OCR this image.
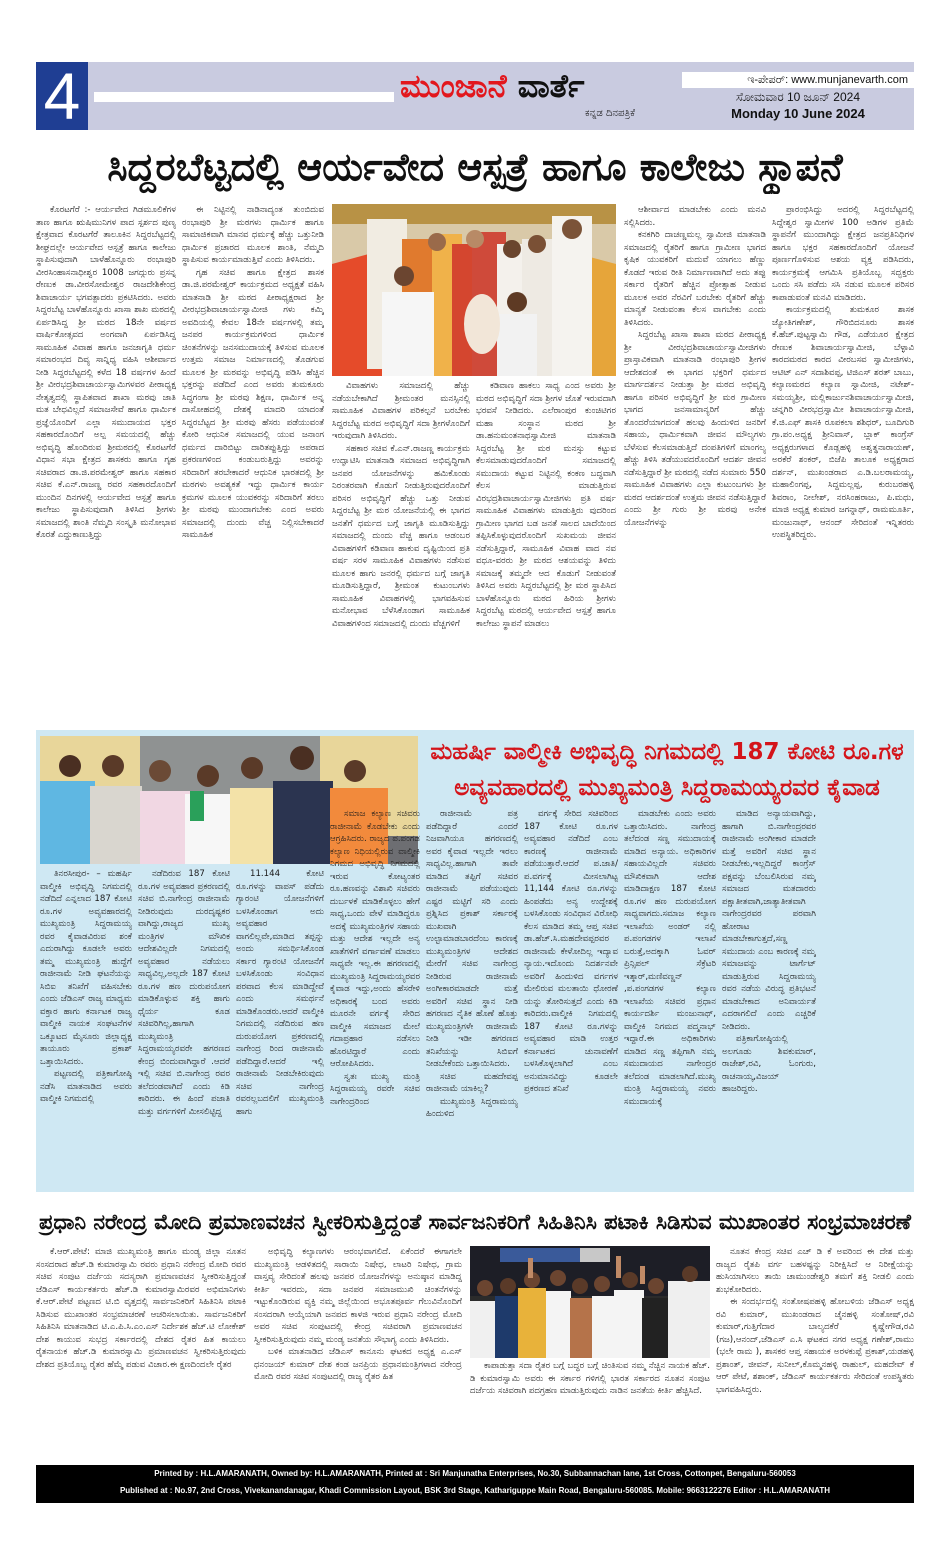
4	ಮುಂಜಾನೆ ವಾರ್ತೆ
ಕನ್ನಡ ದಿನಪತ್ರಿಕೆ
ಇ-ಪೇಪರ್: www.munjanevarth.com
ಸೋಮವಾರ 10 ಜೂನ್ 2024
Monday 10 June 2024
ಸಿದ್ದರಬೆಟ್ಟದಲ್ಲಿ ಆರ್ಯವೇದ ಆಸ್ಪತ್ರೆ ಹಾಗೂ ಕಾಲೇಜು ಸ್ಥಾಪನೆ

ಕೊರಟಗೆರೆ :- ಆರ್ಯವೇದ ಗಿಡಮೂಲಿಕೆಗಳ ತಾಣ ಹಾಗೂ ಋಷಿಮುನಿಗಳ ಪಾದ ಸ್ಪರ್ಶದ ಪುಣ್ಯ ಕ್ಷೇತ್ರವಾದ ಕೊರಟಗೆರೆ ತಾಲೂಕಿನ ಸಿದ್ದರಬೆಟ್ಟದಲ್ಲಿ ಶೀಘ್ರದಲ್ಲೇ ಆರ್ಯವೇದ ಆಸ್ಪತ್ರೆ ಹಾಗೂ ಕಾಲೇಜು ಸ್ಥಾಪಿಸುವುದಾಗಿ ಬಾಳೆಹೊನ್ನೂರು ರಂಭಾಪುರಿ ವೀರಸಿಂಹಾಸನಾಧೀಶ್ವರ 1008 ಜಗದ್ಗುರು ಪ್ರಸನ್ನ ರೇಣುಕ ಡಾ.ವೀರಸೋಮೇಶ್ವರ ರಾಜದೇಶಿಕೇಂದ್ರ ಶಿವಾಚಾರ್ಯ ಭಗವತ್ಪಾದರು ಪ್ರಕಟಿಸಿದರು. ಅವರು ಸಿದ್ದರಬೆಟ್ಟ ಬಾಳೆಹೊನ್ನೂರು ಖಾಸಾ ಶಾಖ ಮಠದಲ್ಲಿ ಏರ್ಪಡಿಸಿದ್ದ ಶ್ರೀ ಮಠದ 18ನೇ ವರ್ಷದ ವಾರ್ಷಿಕೋತ್ಸವದ ಅಂಗವಾಗಿ ಏರ್ಪಡಿಸಿದ್ದ ಸಾಮೂಹಿಕ ವಿವಾಹ ಹಾಗೂ ಜನಜಾಗೃತಿ ಧರ್ಮ ಸಮಾರಂಭದ ದಿವ್ಯ ಸಾನ್ನಿಧ್ಯ ವಹಿಸಿ ಆಶೀರ್ವಾದ ನೀಡಿ ಸಿದ್ದರಬೆಟ್ಟದಲ್ಲಿ ಕಳೆದ 18 ವರ್ಷಗಳ ಹಿಂದೆ ಶ್ರೀ ವೀರಭದ್ರಶಿವಾಚಾರ್ಯಸ್ವಾಮಿಗಳವರ ಪೀಠಾಧ್ಯಕ್ಷ ನೇತೃತ್ವದಲ್ಲಿ ಸ್ಥಾಪಿತವಾದ ಶಾಖಾ ಮಠವು ಜಾತಿ ಮತ ಬೇಧವಿಲ್ಲದೆ ಸಮಾಜಸೇವೆ ಹಾಗೂ ಧಾರ್ಮಿಕ ಪ್ರಜ್ಞೆಯೊಂದಿಗೆ ಎಲ್ಲಾ ಸಮುದಾಯದ ಭಕ್ತರ ಸಹಕಾರದೊಂದಿಗೆ ಅಲ್ಪ ಸಮಯದಲ್ಲಿ ಹೆಚ್ಚು ಅಭಿವೃದ್ಧಿ ಹೊಂದಿರುವ ಶ್ರೀಮಠದಲ್ಲಿ ಕೊರಟಗೆರೆ ವಿಧಾನ ಸಭಾ ಕ್ಷೇತ್ರದ ಶಾಸಕರು ಹಾಗೂ ಗೃಹ ಸಚಿವರಾದ ಡಾ.ಜಿ.ಪರಮೇಶ್ವರ್ ಹಾಗೂ ಸಹಕಾರ ಸಚಿವ ಕೆ.ಎನ್.ರಾಜಣ್ಣ ರವರ ಸಹಕಾರದೊಂದಿಗೆ ಮುಂದಿನ ದಿನಗಳಲ್ಲಿ ಆರ್ಯವೇದ ಆಸ್ಪತ್ರೆ ಹಾಗೂ ಕಾಲೇಜು ಸ್ಥಾಪಿಸುವುದಾಗಿ ತಿಳಿಸಿದ ಶ್ರೀಗಳು ಸಮಾಜದಲ್ಲಿ ಶಾಂತಿ ನೆಮ್ಮದಿ ಸಂಸ್ಕೃತಿ ಮನೋಭಾವ ಕೊರತೆ ಎದ್ದುಕಾಣುತ್ತಿದ್ದು

ಈ ನಿಟ್ಟಿನಲ್ಲಿ ನಾಡಿನಾದ್ಯಂತ ತುಂಬಿದುವ ರಂಭಾಪುರಿ ಶ್ರೀ ಮಠಗಳು ಧಾರ್ಮಿಕ ಹಾಗೂ ಸಾಮಾಜಿಕವಾಗಿ ಮಾನವ ಧರ್ಮಕ್ಕೆ ಹೆಚ್ಚು ಒತ್ತುನೀಡಿ ಧಾರ್ಮಿಕ ಪ್ರಚಾರದ ಮೂಲಕ ಶಾಂತಿ, ನೆಮ್ಮದಿ ಸ್ಥಾಪಿಸುವ ಕಾರ್ಯಮಾಡುತ್ತಿವೆ ಎಂದು ತಿಳಿಸಿದರು.

ಗೃಹ ಸಚಿವ ಹಾಗೂ ಕ್ಷೇತ್ರದ ಶಾಸಕ ಡಾ.ಜಿ.ಪರಮೇಶ್ವರ್ ಕಾರ್ಯಕ್ರಮದ ಅಧ್ಯಕ್ಷತೆ ವಹಿಸಿ ಮಾತನಾಡಿ ಶ್ರೀ ಮಠದ ಪೀಠಾಧ್ಯಕ್ಷರಾದ ಶ್ರೀ ವೀರಭದ್ರಶಿವಾಚಾರ್ಯಸ್ವಾಮೀಜಿ ಗಳು ಕಮ್ಮಿ ಅವದಿಯಲ್ಲಿ ಕೇವಲ 18ನೇ ವರ್ಷಗಳಲ್ಲಿ ತಮ್ಮ ಜನಪರ ಕಾರ್ಯಕ್ರಮಗಳಿಂದ ಧಾರ್ಮಿಕ ಚಿಂತನೆಗಳನ್ನು ಜನಸಮುದಾಯಕ್ಕೆ ತಿಳಿಸುವ ಮೂಲಕ ಉತ್ತಮ ಸಮಾಜ ನಿರ್ಮಾಣದಲ್ಲಿ ತೊಡಗುವ ಮೂಲಕ ಶ್ರೀ ಮಠವನ್ನು ಅಭಿವೃದ್ಧಿ ಪಡಿಸಿ ಹೆಚ್ಚಿನ ಭಕ್ತರನ್ನು ಪಡೆದಿದೆ ಎಂದ ಅವರು ತುಮಕೂರು ಸಿದ್ಧಗಂಗಾ ಶ್ರೀ ಮಠವು ಶಿಕ್ಷಣ, ಧಾರ್ಮಿಕ ಅನ್ನ ದಾಸೋಹದಲ್ಲಿ ದೇಶಕ್ಕೆ ಮಾದರಿ ಯಾದಂತೆ ಸಿದ್ದರಬೆಟ್ಟದ ಶ್ರೀ ಮಠವು ಹೆಸರು ಪಡೆಯುವಂತೆ ಕೋರಿ ಆಧುನಿಕ ಸಮಾಜದಲ್ಲಿ ಯುವ ಜನಾಂಗ ಧರ್ಮದ ದಾರಿಬಿಟ್ಟು ದಾರಿತಪ್ಪುತ್ತಿದ್ದು ಅಪರಾದ ಪ್ರಕರಣಗಳಿಂದ ಕಂಡುಬರುತ್ತಿದ್ದು ಅವರನ್ನು ಸರಿದಾರಿಗೆ ತರಬೇಕಾದರೆ ಆಧುನಿಕ ಭಾರತದಲ್ಲಿ ಶ್ರೀ ಮಠಗಳು ಅವಶ್ಯಕತೆ ಇದ್ದು ಧಾರ್ಮಿಕ ಕಾರ್ಯ ಕ್ರಮಗಳ ಮೂಲಕ ಯುವಕರನ್ನು ಸರಿದಾರಿಗೆ ತರಲು ಶ್ರೀ ಮಠವು ಮುಂದಾಗಬೇಕು ಎಂದ ಅವರು ಸಮಾಜದಲ್ಲಿ ದುಂದು ವೆಚ್ಚ ನಿಲ್ಲಿಸಬೇಕಾದರೆ ಸಾಮೂಹಿಕ

ವಿವಾಹಗಳು ಸಮಾಜದಲ್ಲಿ ಹೆಚ್ಚು ನಡೆಯಬೇಕಾಗಿದೆ ಶ್ರೀಮಂತರ ಮನಸ್ಸಿನಲ್ಲಿ ಸಾಮೂಹಿಕ ವಿವಾಹಗಳ ಪರಿಕಲ್ಪನೆ ಬರಬೇಕು ಸಿದ್ದರಬೆಟ್ಟ ಮಠದ ಅಭಿವೃದ್ಧಿಗೆ ಸದಾ ಶ್ರೀಗಳೊಂದಿಗೆ ಇರುವುದಾಗಿ ತಿಳಿಸಿದರು.

ಸಹಕಾರ ಸಚಿವ ಕೆ.ಎನ್.ರಾಜಣ್ಣ ಕಾರ್ಯಕ್ರಮ ಉದ್ಘಾಟಿಸಿ ಮಾತನಾಡಿ ಸಮಾಜದ ಅಭಿವೃದ್ಧಿಗಾಗಿ ಜನಪರ ಯೋಜನೆಗಳನ್ನು ಹಮಿಕೊಂಡು ನಿರಂತರವಾಗಿ ಕೊಡುಗೆ ನೀಡುತ್ತಿರುವುದರೊಂದಿಗೆ ಪರಿಸರ ಅಭಿವೃದ್ಧಿಗೆ ಹೆಚ್ಚು ಒತ್ತು ನೀಡುವ ಸಿದ್ದರಬೆಟ್ಟ ಶ್ರೀ ಮಠ ಯೋಜನೆಯಲ್ಲಿ ಈ ಭಾಗದ ಜನತೆಗೆ ಧರ್ಮದ ಬಗ್ಗೆ ಜಾಗೃತಿ ಮೂಡಿಸುತ್ತಿದ್ದು ಸಮಾಜದಲ್ಲಿ ದುಂದು ವೆಚ್ಚ ಹಾಗೂ ಆಡಂಬರ ವಿವಾಹಗಳಿಗೆ ಕಡಿವಾಣ ಹಾಕುವ ದೃಷ್ಟಿಯಿಂದ ಪ್ರತಿ ವರ್ಷ ಸರಳ ಸಾಮೂಹಿಕ ವಿವಾಹಗಳು ನಡೆಸುವ ಮೂಲಕ ಹಾಗು ಜನರಲ್ಲಿ ಧರ್ಮದ ಬಗ್ಗೆ ಜಾಗೃತಿ ಮೂಡಿಸುತ್ತಿದ್ದಾರೆ, ಶ್ರೀಮಂತ ಕುಟುಂಬಗಳು ಸಾಮೂಹಿಕ ವಿವಾಹಗಳಲ್ಲಿ ಭಾಗವಹಿಸುವ ಮನೋಭಾವ ಬೆಳೆಸಿಕೊಂಡಾಗ ಸಾಮೂಹಿಕ ವಿವಾಹಗಳಿಂದ ಸಮಾಜದಲ್ಲಿ ದುಂದು ವೆಚ್ಚಗಳಿಗೆ

ಕಡಿವಾಣ ಹಾಕಲು ಸಾಧ್ಯ ಎಂದ ಅವರು ಶ್ರೀ ಮಠದ ಅಭಿವೃದ್ಧಿಗೆ ಸದಾ ಶ್ರೀಗಳ ಜೊತೆ ಇರುವದಾಗಿ ಭರವಸೆ ನೀಡಿದರು. ಎಲೆರಾಂಪುರ ಕುಂಚಿಟಿಗರ ಮಹಾ ಸಂಸ್ಥಾನ ಮಠದ ಶ್ರೀ ಡಾ.ಹನುಮಂತನಾಥಸ್ವಾಮೀಜಿ ಮಾತನಾಡಿ ಸಿದ್ದರಬೆಟ್ಟ ಶ್ರೀ ಮಠ ಮನಸ್ಸು ಕಟ್ಟುವ ಕೆಲಸಮಾಡುವುದರೊಂದಿಗೆ ಸಮಾಜದಲ್ಲಿ ಸಮುದಾಯ ಕಟ್ಟುವ ನಿಟ್ಟಿನಲ್ಲಿ ಕಂಕಣ ಬದ್ಧವಾಗಿ ಕೆಲಸ ಮಾಡುತ್ತಿರುವ ವಿರಭದ್ರಶಿವಾಚಾರ್ಯಸ್ವಾಮೀಜಿಗಳು ಪ್ರತಿ ವರ್ಷ ಸಾಮೂಹಿಕ ವಿವಾಹಗಳು ಮಾಡುತ್ತಿರು ವುದರಿಂದ ಗ್ರಾಮೀಣ ಭಾಗದ ಬಡ ಜನತೆ ಸಾಲದ ಬಾದೆಯಿಂದ ತಪ್ಪಿಸಿಕೊಳ್ಳುವುದರೊಂದಿಗೆ ಸುಖಮಯ ಜೀವನ ನಡೆಸುತ್ತಿದ್ದಾರೆ, ಸಾಮೂಹಿಕ ವಿವಾಹ ವಾದ ನವ ವಧೂ-ವರರು ಶ್ರೀ ಮಠದ ಆಶಯವನ್ನು ತಿಳಿದು ಸಮಾಜಕ್ಕೆ ತಮ್ಮದೇ ಆದ ಕೊಡುಗೆ ನೀಡುವಂತೆ ತಿಳಿಸಿದ ಅವರು ಸಿದ್ದರಬೆಟ್ಟದಲ್ಲಿ ಶ್ರೀ ಮಠ ಸ್ಥಾಪಿಸಿದ ಬಾಳೆಹೊನ್ನೂರು ಮಠದ ಹಿರಿಯ ಶ್ರೀಗಳು ಸಿದ್ದರಬೆಟ್ಟ ಮಠದಲ್ಲಿ ಆರ್ಯವೇದ ಆಸ್ಪತ್ರೆ ಹಾಗೂ ಕಾಲೇಜು ಸ್ಥಾಪನೆ ಮಾಡಲು

ಆಶೀರ್ವಾದ ಮಾಡಬೇಕು ಎಂದು ಮನವಿ ಸಲ್ಲಿಸಿದರು.

ಕನಕಗಿರಿ ದಾಚಣ್ಣಮಲ್ಲ ಸ್ವಾಮೀಜಿ ಮಾತನಾಡಿ ಸಮಾಜದಲ್ಲಿ ರೈತರಿಗೆ ಹಾಗೂ ಗ್ರಾಮೀಣ ಭಾಗದ ಕೃಷಿಕ ಯುವಕರಿಗೆ ಮದುವೆ ಯಾಗಲು ಹೆಣ್ಣು ಕೊಡದೆ ಇರುವ ರೀತಿ ನಿರ್ಮಾಣವಾಗಿದೆ ಅದು ತಪ್ಪು ಸರ್ಕಾರ ರೈತರಿಗೆ ಹೆಚ್ಚಿನ ಪ್ರೋತ್ಸಾಹ ನೀಡುವ ಮೂಲಕ ಅವರ ನೆರವಿಗೆ ಬರಬೇಕು ರೈತರಿಗೆ ಹೆಚ್ಚು ಮಾನ್ಯತೆ ನೀಡುವಂತಾ ಕೆಲಸ ವಾಗಬೇಕು ಎಂದು ತಿಳಿಸಿದರು.

ಸಿದ್ದರಬೆಟ್ಟ ಖಾಸಾ ಶಾಖಾ ಮಠದ ಪೀಠಾಧ್ಯಕ್ಷ ಶ್ರೀ ವೀರಭದ್ರಶಿವಾಚಾರ್ಯಸ್ವಾಮೀಜಿಗಳು ಪ್ರಾಸ್ತಾವಿಕವಾಗಿ ಮಾತನಾಡಿ ರಂಭಾಪುರಿ ಶ್ರೀಗಳ ಆದೇಶದಂತೆ ಈ ಭಾಗದ ಭಕ್ತರಿಗೆ ಧರ್ಮದ ಮಾರ್ಗದರ್ಶನ ನೀಡುತ್ತಾ ಶ್ರೀ ಮಠದ ಅಭಿವೃದ್ಧಿ ಹಾಗೂ ಪರಿಸರ ಅಭಿವೃದ್ಧಿಗೆ ಶ್ರೀ ಮಠ ಗ್ರಾಮೀಣ ಭಾಗದ ಜನಸಾಮಾನ್ಯರಿಗೆ ಹೆಚ್ಚು ತೊಂದರೆಯಾಗದಂತೆ ಹಲವು ಹಿಂದುಳಿದ ಜನರಿಗೆ ಸಹಾಯ, ಧಾರ್ಮಿಕವಾಗಿ ಜೀವನ ಮೌಲ್ಯಗಳು ಬೆಳೆಸುವ ಕೆಲಸಮಾಡುತ್ತಿದೆ ದಂಪತಿಗಳಿಗೆ ಮಾಂಗಲ್ಯ ಹೆಚ್ಚು ತಿಳಿಸಿ ತಡೆಯುವದರೊಂದಿಗೆ ಆದರ್ಶ ಜೀವನ ನಡೆಸುತ್ತಿದ್ದಾರೆ ಶ್ರೀ ಮಠದಲ್ಲಿ ನಡೆದ ಸುಮಾರು 550 ಸಾಮೂಹಿಕ ವಿವಾಹಗಳು ಎಲ್ಲಾ ಕುಟುಂಬಗಳು ಶ್ರೀ ಮಠದ ಆದರ್ಶದಂತೆ ಉತ್ತಮ ಜೀವನ ನಡೆಸುತ್ತಿದ್ದಾರೆ ಎಂದು ಶ್ರೀ ಗುರು ಶ್ರೀ ಮಠವು ಅನೇಕ ಯೋಜನೆಗಳನ್ನು

ಪ್ರಾರಂಭಿಸಿದ್ದು ಅದರಲ್ಲಿ ಸಿದ್ದರಬೆಟ್ಟದಲ್ಲಿ ಸಿದ್ದೇಶ್ವರ ಸ್ವಾಮೀಗಳ 100 ಅಡಿಗಳ ಪ್ರತಿಮೆ ಸ್ಥಾಪನೆಗೆ ಮುಂದಾಗಿದ್ದು ಕ್ಷೇತ್ರದ ಜನಪ್ರತಿನಿಧಿಗಳ ಹಾಗೂ ಭಕ್ತರ ಸಹಕಾರದೊಂದಿಗೆ ಯೋಜನೆ ಪೂರ್ಣಗೊಳಿಸುವ ಆಶಯ ವ್ಯಕ್ತ ಪಡಿಸಿದರು, ಕಾರ್ಯಕ್ರಮಕ್ಕೆ ಆಗಮಿಸಿ ಪ್ರತಿಯೊಬ್ಬ ಸದ್ಭಕ್ತರು ಒಂದು ಸಸಿ ಪಡೆದು ಸಸಿ ನಡುವ ಮೂಲಕ ಪರಿಸರ ಕಾಪಾಡುವಂತೆ ಮನವಿ ಮಾಡಿದರು.

ಕಾರ್ಯಕ್ರಮದಲ್ಲಿ ತುಮಕೂರ ಶಾಸಕ ಜ್ಯೋತಿಗಣೇಶ್, ಗೌರಿಬಿದನೂರು ಶಾಸಕ ಕೆ.ಹೆಚ್.ಪುಟ್ಟಸ್ವಾಮಿ ಗೌಡ, ಎಡೆಯೂರ ಕ್ಷೇತ್ರದ ರೇಣುಕ ಶಿವಾಚಾರ್ಯಸ್ವಾಮೀಜಿ, ಬೆಳ್ಳಾವಿ ಕಾರದಮಠದ ಕಾರದ ವೀರಬಸವ ಸ್ವಾಮೀಜಿಗಳು, ಆಟಿಟ್ ಎನ್ ಸದಾಶಿವಪ್ಪ, ಟಿಜಿಎಸ್ ಶರತ್ ಬಾಬು, ಕಲ್ಯಾಣಮಠದ ಕಲ್ಯಾಣ ಸ್ವಾಮೀಜಿ, ನಟೇಶ್-ಸಮಯ್ಯಶ್ರೀ, ಮಲ್ಲಿಕಾರ್ಜುನಶಿವಾಚಾರ್ಯಸ್ವಾಮೀಜಿ, ಚನ್ನಗಿರಿ ವೀರಭದ್ರಸ್ವಾಮೀ ಶಿವಾಚಾರ್ಯಸ್ವಾಮೀಜಿ, ಕೆ.ಜಿ.ಎಫ್ ಶಾಸಕಿ ರೂಪಕಲಾ ಶಶಿಧರ್, ಬೂದಿಗುರಿ ಗ್ರಾ.ಪಂ.ಅಧ್ಯಕ್ಷ ಶ್ರೀನಿವಾಸ್, ಬ್ಲಾಕ್ ಕಾಂಗ್ರೆಸ್ ಅಧ್ಯಕ್ಷರುಗಳಾದ ಕೊಡ್ಲಹಳ್ಳಿ ಅಶ್ವತ್ಥನಾರಾಯಣ್, ಅರಕೆರೆ ಶಂಕರ್, ಬಿಜೆಪಿ ತಾಲೂಕ ಅಧ್ಯಕ್ಷರಾದ ದರ್ಶನ್, ಮುಖಂಡರಾದ ಎ.ಡಿ.ಬಲರಾಮಯ್ಯ, ಮಹಾಲಿಂಗಪ್ಪ, ಸಿದ್ದಮಲ್ಲಪ್ಪ, ಕುರುಬರಹಳ್ಳಿ ಶಿವರಾಂ, ನೀಲೇಶ್, ನರಸಿಂಹರಾಜು, ಪಿ.ಮಧು, ಮಾಜಿ ಅಧ್ಯಕ್ಷ ಕುಮಾರ ಜಗನ್ನಾಥ್, ರಾಮಮೂರ್ತಿ, ಮಂಜುನಾಥ್, ಆನಂದ್ ಸೇರಿದಂತೆ ಇನ್ನಿತರರು ಉಪಸ್ಥಿತರಿದ್ದರು.

ಮಹರ್ಷಿ ವಾಲ್ಮೀಕಿ ಅಭಿವೃದ್ಧಿ ನಿಗಮದಲ್ಲಿ 187 ಕೋಟಿ ರೂ.ಗಳ
ಅವ್ಯವಹಾರದಲ್ಲಿ ಮುಖ್ಯಮಂತ್ರಿ ಸಿದ್ದರಾಮಯ್ಯರವರ ಕೈವಾಡ

ತಿನರಸೀಪುರ- – ಮಹರ್ಷಿ ವಾಲ್ಮೀಕಿ ಅಭಿವೃದ್ಧಿ ನಿಗಮದಲ್ಲಿ ನಡೆದಿದೆ ಎನ್ನಲಾದ 187 ಕೋಟಿ ರೂ.ಗಳ ಅವ್ಯವಹಾರದಲ್ಲಿ ಮುಖ್ಯಮಂತ್ರಿ ಸಿದ್ದರಾಮಯ್ಯ ರವರ ಕೈವಾಡವಿರುವ ಶಂಕೆ ಎದುರಾಗಿದ್ದು ಕೂಡಲೇ ಅವರು ತಮ್ಮ ಮುಖ್ಯಮಂತ್ರಿ ಹುದ್ದೆಗೆ ರಾಜೀನಾಮೆ ನೀಡಿ ಘಟನೆಯನ್ನು ಸಿಬಿಐ ತನಿಖೆಗೆ ವಹಿಸಬೇಕು ಎಂದು ಜೆಡಿಎಸ್ ರಾಜ್ಯ ಮಾಧ್ಯಮ ವಕ್ತಾರ ಹಾಗು ಕರ್ನಾಟಕ ರಾಜ್ಯ ವಾಲ್ಮೀಕಿ ನಾಯಕ ಸಂಘಟನೆಗಳ ಒಕ್ಕೂಟದ ಮೈಸೂರು ಜಿಲ್ಲಾಧ್ಯಕ್ಷ ತಾಯೂರು ಪ್ರಕಾಶ್ ಒತ್ತಾಯಿಸಿದರು.

ಪಟ್ಟಣದಲ್ಲಿ ಪತ್ರಿಕಾಗೋಷ್ಠಿ ನಡೆಸಿ ಮಾತನಾಡಿದ ಅವರು ವಾಲ್ಮೀಕಿ ನಿಗಮದಲ್ಲಿ

ನಡೆದಿರುವ 187 ಕೋಟಿ ರೂ.ಗಳ ಅವ್ಯವಹಾರ ಪ್ರಕರಣದಲ್ಲಿ ಸಚಿವ ಬಿ.ನಾಗೇಂದ್ರ ರಾಜೀನಾಮೆ ನೀಡಿರುವುದು ದುರದೃಷ್ಟಕರ ವಾಗಿದ್ದು,ರಾಜ್ಯದ ಮುಖ್ಯ ಮಂತ್ರಿಗಳ ಮೌಖಿಕ ಆದೇಶವಿಲ್ಲದೇ ನಿಗಮದಲ್ಲಿ ಅವ್ಯವಹಾರ ನಡೆಯಲು ಸಾಧ್ಯವಿಲ್ಲ,ಅಲ್ಲದೇ 187 ಕೋಟಿ ರೂ.ಗಳ ಹಣ ದುರುಪಯೋಗ ಮಾಡಿಕೊಳ್ಳುವ ಶಕ್ತಿ ಹಾಗು ಧೈರ್ಯ ಕೂಡ ಸಚಿವರಿಗಿಲ್ಲ,ಹಾಗಾಗಿ ಮುಖ್ಯಮಂತ್ರಿ ಸಿದ್ದರಾಮಯ್ಯರವರೇ ಹಗರಣದ ಕೇಂದ್ರ ಬಿಂದುವಾಗಿದ್ದಾರೆ .ಆದರೆ ಇಲ್ಲಿ ಸಚಿವ ಬಿ.ನಾಗೇಂದ್ರ ರವರ ತಲೆದಂಡವಾಗಿದೆ ಎಂದು ಕಿಡಿ ಕಾರಿದರು. ಈ ಹಿಂದೆ ಪಜಾತಿ ಮತ್ತು ವರ್ಗಗಳಿಗೆ ಮೀಸಲಿಟ್ಟಿದ್ದ

11.144 ಕೋಟಿ ರೂ.ಗಳನ್ನು ವಾಪಸ್ ಪಡೆದು ಗ್ಯಾರಂಟಿ ಯೋಜನೆಗಳಿಗೆ ಬಳಸಿಕೊಂಡಾಗ ಅದು ಅವ್ಯವಹಾರ ವಾಗಲಿಲ್ಲವೇ,ಮಾಡಿದ ತಪ್ಪನ್ನು ಅಂದು ಸಮರ್ಥಿಸಿಕೊಂಡ ಸರ್ಕಾರ ಗ್ಯಾರಂಟಿ ಯೋಜನೆಗೆ ಬಳಸಿಕೊಂಡು ಸಂವಿಧಾನ ಪರವಾದ ಕೆಲಸ ಮಾಡಿದ್ದೇವೆ ಎಂದು ಸಮರ್ಥನೆ ಮಾಡಿಕೊಂಡರು.ಆದರೆ ವಾಲ್ಮೀಕಿ ನಿಗಮದಲ್ಲಿ ನಡೆದಿರುವ ಹಣ ದುರುಪಯೋಗ ಪ್ರಕರಣದಲ್ಲಿ ನಾಗೇಂದ್ರ ರಿಂದ ರಾಜೀನಾಮೆ ಪಡೆದಿದ್ದಾರೆ.ಆದರೆ ಇಲ್ಲಿ ರಾಜೀನಾಮೆ ನೀಡಬೇಕಿರುವುದು ಸಚಿವ ನಾಗೇಂದ್ರ ರವರಲ್ಲಬದಲಿಗೆ ಮುಖ್ಯಮಂತ್ರಿ ಹಾಗು

ಸಮಾಜ ಕಲ್ಯಾಣ ಸಚಿವರು ರಾಜೀನಾಮೆ ಕೊಡಬೇಕು ಎಂದು ಆಗ್ರಹಿಸಿದರು. ರಾಜ್ಯದ ಪ.ಪಂಗಡ ಕಲ್ಯಾಣ ನಿಧಿಯಲ್ಲಿರುವ ವಾಲ್ಮೀಕಿ ನಿಗಮದ ಅಭಿವೃದ್ಧಿ ನಿಗಮದಲ್ಲಿ ಇರುವ ಕೋಟ್ಯಂತರ ರೂ.ಹಣವನ್ನು ವಿಶಾಖಿ ಸಚಿವರು ದುರ್ಬಳಕೆ ಮಾಡಿಕೊಳ್ಳಲು ಹೇಗೆ ಸಾಧ್ಯ,ಒಂದು ವೇಳೆ ಮಾಡಿದ್ದರೂ ಅದಕ್ಕೆ ಮುಖ್ಯಮಂತ್ರಿಗಳ ಸಹಾಯ ಮತ್ತು ಆದೇಶ ಇಲ್ಲದೇ ಅನ್ಯ ಖಾತೆಗಳಿಗೆ ವರ್ಗಾವಣೆ ಮಾಡಲು ಸಾಧ್ಯವೇ ಇಲ್ಲ.ಈ ಹಗರಣದಲ್ಲಿ ಮುಖ್ಯಮಂತ್ರಿ ಸಿದ್ದರಾಮಯ್ಯರವರ ಕೈವಾಡ ಇದ್ದು,ಅಂದು ಹೆಸರೇಳಿ ಅಧಿಕಾರಕ್ಕೆ ಬಂದ ಅವರು ಮೂರನೇ ವರ್ಗಕ್ಕೆ ಸೇರಿದ ವಾಲ್ಮೀಕಿ ಸಮಾಜದ ಮೇಲೆ ಗದಾಪ್ರಹಾರ ನಡೆಸಲು ಹೊರಟಿದ್ದಾರೆ ಎಂದು ಆರೋಪಿಸಿದರು.

ಸ್ವತಃ ಮುಖ್ಯ ಮಂತ್ರಿ ಸಿದ್ದರಾಮಯ್ಯ ರವರೇ ಸಚಿವ ನಾಗೇಂದ್ರರಿಂದ

ರಾಜೀನಾಮೆ ಪತ್ರ ಪಡೆದಿದ್ದಾರೆ ಎಂದರೆ ನಿಜವಾಗಿಯೂ ಹಗರಣದಲ್ಲಿ ಅವರ ಕೈವಾಡ ಇಲ್ಲದೇ ಇರಲು ಸಾಧ್ಯವಿಲ್ಲ.ಹಾಗಾಗಿ ತಾವೇ ಮಾಡಿದ ತಪ್ಪಿಗೆ ಸಚಿವರ ರಾಜೀನಾಮೆ ಪಡೆಯುವುದು ಎಷ್ಟರ ಮಟ್ಟಿಗೆ ಸರಿ ಎಂದು ಪ್ರಶ್ನಿಸಿದ ಪ್ರಕಾಶ್ ಸರ್ಕಾರಕ್ಕೆ ಮುಖವಾಗಿ ಉಲ್ಟಾಮಾಡಬಾರದೆಂಬ ಕಾರಣಕ್ಕೆ ಮುಖ್ಯಮಂತ್ರಿಗಳ ಆದೇಶದ ಮೇರೆಗೆ ಸಚಿವ ನಾಗೇಂದ್ರ ನೀಡಿರುವ ರಾಜೀನಾಮೆ ಅಂಗೀಕಾರಮಾಡದೇ ಮತ್ತೆ ಅವರಿಗೆ ಸಚಿವ ಸ್ಥಾನ ನೀಡಿ ಹಗರಣದ ನೈತಿಕ ಹೊಣೆ ಹೊತ್ತು ಮುಖ್ಯಮಂತ್ರಿಗಳೇ ರಾಜೀನಾಮೆ ನೀಡಿ ಇಡೀ ಹಗರಣದ ತನಿಖೆಯನ್ನು ಸಿಬಿಐಗೆ ನೀಡಬೇಕೆಂದು ಒತ್ತಾಯಿಸಿದರು.

ಸಚಿವ ಮಹದೇವಪ್ಪ ರಾಜೀನಾಮೆ ಯಾಕಿಲ್ಲ?

ಮುಖ್ಯಮಂತ್ರಿ ಸಿದ್ದರಾಮಯ್ಯ ಹಿಂದುಳಿದ

ವರ್ಗಕ್ಕೆ ಸೇರಿದ ಸಚಿವರಿಂದ 187 ಕೋಟಿ ರೂ.ಗಳ ಅವ್ಯವಹಾರ ನಡೆದಿದೆ ಎಂಬ ಕಾರಣಕ್ಕೆ ರಾಜೀನಾಮೆ ಪಡೆಯುತ್ತಾರೆ.ಆದರೆ ಪ.ಜಾತಿ/ಪ.ವರ್ಗಕ್ಕೆ ಮೀಸಲಾಗಿಟ್ಟ 11,144 ಕೋಟಿ ರೂ.ಗಳನ್ನು ಹಿಂಪಡೆದು ಅನ್ಯ ಉದ್ದೇಶಕ್ಕೆ ಬಳಸಿಕೊಂಡು ಸಂವಿಧಾನ ವಿರೋಧಿ ಕೆಲಸ ಮಾಡಿದ ತಮ್ಮ ಆಪ್ತ ಸಚಿವ ಡಾ.ಹೆಚ್.ಸಿ.ಮಹದೇವಪ್ಪರವರ ರಾಜೀನಾಮೆ ಕೇಳೋದಿಲ್ಲ ಇದ್ಯಾವ ನ್ಯಾಯ.ಇದೊಂದು ನಿದರ್ಶನವೇ ಅವರಿಗೆ ಹಿಂದುಳಿದ ವರ್ಗಗಳ ಮೇಲಿರುವ ಮಲತಾಯಿ ಧೋರಣೆ ಯನ್ನು ತೋರಿಸುತ್ತದೆ ಎಂದು ಕಿಡಿ ಕಾರಿದರು.ವಾಲ್ಮೀಕಿ ನಿಗಮದಲ್ಲಿ 187 ಕೋಟಿ ರೂ.ಗಳನ್ನು ಅವ್ಯವಹಾರ ಮಾಡಿ ಉತ್ತರ ಕರ್ನಾಟಕದ ಚುನಾವಣೆಗೆ ಬಳಸಿಕೊಳ್ಳಲಾಗಿದೆ ಎಂಬ ಅನುಮಾನವಿದ್ದು ಕೂಡಲೇ ಪ್ರಕರಣದ ತನಿಖೆ

ಮಾಡಬೇಕು ಎಂದು ಅವರು ಒತ್ತಾಯಿಸಿದರು. ನಾಗೇಂದ್ರ ತಲೆದಂಡ ಸಣ್ಣ ಸಮುದಾಯಕ್ಕೆ ಮಾಡಿದ ಅನ್ಯಾಯ. ಅಧಿಕಾರಿಗಳ ಸಹಾಯವಿಲ್ಲದೇ ಸಚಿವರು ಮೌಖಿಕವಾಗಿ ಆದೇಶ ಮಾಡಿದಾಕ್ಷಣ 187 ಕೋಟಿ ರೂ.ಗಳ ಹಣ ದುರುಪಯೋಗ ಸಾಧ್ಯವಾಗದು.ಸಮಾಜ ಕಲ್ಯಾಣ ಇಲಾಖೆಯ ಅಂಡರ್ ನಲ್ಲಿ ಪ.ಪಂಗಡಗಳ ಇಲಾಖೆ ಬರುತ್ತೆ,ಅದಕ್ಕಾಗಿ ಓವರ್ ಪ್ರಿನ್ಸಿಪಲ್ ಸೆಕ್ರೆಟರಿ ಇತ್ಕಾರ್,ಮಣಿವಣ್ಣನ್ ,ಪ.ಪಂಗಡಗಳ ಕಲ್ಯಾಣ ಇಲಾಖೆಯ ಸಚಿವರ ಪ್ರಧಾನ ಕಾರ್ಯದರ್ಶಿ ಮಂಜುನಾಥ್, ವಾಲ್ಮೀಕಿ ನಿಗಮದ ಪದ್ಮನಾಭ್ ಇದ್ದಾರೆ.ಈ ಅಧಿಕಾರಿಗಳು ಮಾಡಿದ ಸಣ್ಣ ತಪ್ಪಿಗಾಗಿ ನಮ್ಮ ಸಮುದಾಯದ ನಾಗೇಂದ್ರರ ತಲೆದಂಡ ಮಾಡಲಾಗಿದೆ.ಮುಖ್ಯ ಮಂತ್ರಿ ಸಿದ್ದರಾಮಯ್ಯ ನವರು ಸಮುದಾಯಕ್ಕೆ

ಮಾಡಿದ ಅನ್ಯಾಯವಾಗಿದ್ದು, ಹಾಗಾಗಿ ಬಿ.ನಾಗೇಂದ್ರರವರ ರಾಜೀನಾಮೆ ಅಂಗೀಕಾರ ಮಾಡದೇ ಮತ್ತೆ ಅವರಿಗೆ ಸಚಿವ ಸ್ಥಾನ ನೀಡಬೇಕು,ಇಲ್ಲದಿದ್ದರೆ ಕಾಂಗ್ರೆಸ್ ಪಕ್ಷವನ್ನು ಬೆಂಬಲಿಸಿರುವ ನಮ್ಮ ಸಮಾಜದ ಮತದಾರರು ಪಕ್ಷಾತೀತವಾಗಿ,ಜಾತ್ಯಾತೀತವಾಗಿ ನಾಗೇಂದ್ರರವರ ಪರವಾಗಿ ಹೋರಾಟ ಮಾಡಬೇಕಾಗುತ್ತದೆ,ಸಣ್ಣ ಸಮುದಾಯ ಎಂಬ ಕಾರಣಕ್ಕೆ ನಮ್ಮ ಸಮಾಜವನ್ನು ಟಾರ್ಗೆಟ್ ಮಾಡುತ್ತಿರುವ ಸಿದ್ದರಾಮಯ್ಯ ರವರ ನಡೆಯ ವಿರುದ್ಧ ಪ್ರತಿಭಟನೆ ಮಾಡಬೇಕಾದ ಅನಿವಾರ್ಯತೆ ಎದರಾಗಲಿದೆ ಎಂದು ಎಚ್ಚರಿಕೆ ನೀಡಿದರು.

ಪತ್ರಿಕಾಗೋಷ್ಠಿಯಲ್ಲಿ ಅಲಗೂಡು ಶಿವಕುಮಾರ್, ರಾಜೇಶ್,ರವಿ, ಓಂಗುರು, ರಾಚನಾಯ್ಕ,ವಿಜಯ್ ಹಾಜರಿದ್ದರು.

ಪ್ರಧಾನಿ ನರೇಂದ್ರ ಮೋದಿ ಪ್ರಮಾಣವಚನ ಸ್ವೀಕರಿಸುತ್ತಿದ್ದಂತೆ ಸಾರ್ವಜನಿಕರಿಗೆ ಸಿಹಿತಿನಿಸಿ ಪಟಾಕಿ ಸಿಡಿಸುವ ಮುಖಾಂತರ ಸಂಭ್ರಮಾಚರಣೆ

ಕೆ.ಆರ್.ಪೇಟೆ: ಮಾಜಿ ಮುಖ್ಯಮಂತ್ರಿ ಹಾಗೂ ಮಂಡ್ಯ ಜಿಲ್ಲಾ ನೂತನ ಸಂಸದರಾದ ಹೆಚ್.ಡಿ ಕುಮಾರಸ್ವಾಮಿ ರವರು ಪ್ರಧಾನಿ ನರೇಂದ್ರ ಮೋದಿ ರವರ ಸಚಿವ ಸಂಪುಟ ದರ್ಜೆಯ ಸದಸ್ಯರಾಗಿ ಪ್ರಮಾಣವಚನ ಸ್ವೀಕರಿಸುತ್ತಿದ್ದಂತೆ ಜೆಡಿಎಸ್ ಕಾರ್ಯಕರ್ತರು ಹೆಚ್.ಡಿ ಕುಮಾರಸ್ವಾಮಿರವರ ಅಭಿಮಾನಿಗಳು ಕೆ.ಆರ್.ಪೇಟೆ ಪಟ್ಟಣದ ಟಿ.ಬಿ ವೃತ್ತದಲ್ಲಿ ಸಾರ್ವಜನಿಕರಿಗೆ ಸಿಹಿತಿನಿಸಿ ಪಟಾಕಿ ಸಿಡಿಸುವ ಮುಖಾಂತರ ಸಂಭ್ರಮಾಚರಣೆ ಆಚರಿಸಲಾಯಿತು. ಸಾರ್ವಜನಿಕರಿಗೆ ಸಿಹಿತಿನಿಸಿ ಮಾತನಾಡಿದ ಟಿ.ಎ.ಪಿ.ಸಿ.ಎಂ.ಎಸ್ ನಿರ್ದೇಶಕ ಹೆಚ್.ಟಿ ಲೋಕೇಶ್ ದೇಶ ಕಾಯುವ ಸುಭದ್ರ ಸರ್ಕಾರದಲ್ಲಿ ದೇಶದ ರೈತರ ಹಿತ ಕಾಯಲು ರೈತನಾಯಕ ಹೆಚ್.ಡಿ ಕುಮಾರಸ್ವಾಮಿ ಪ್ರಮಾಣವಚನ ಸ್ವೀಕರಿಸುತ್ತಿರುವುದು ದೇಶದ ಪ್ರತಿಯೊಬ್ಬ ರೈತರ ಹೆಮ್ಮೆ ಪಡುವ ವಿಚಾರ.ಈ ಕ್ಷಣದಿಂದಲೇ ರೈತರ

ಅಭಿವೃದ್ಧಿ ಕಲ್ಯಾಣಗಳು ಆರಂಭವಾಗಲಿದೆ. ಏಕೆಂದರೆ ಈಗಾಗಲೇ ಮುಖ್ಯಮಂತ್ರಿ ಆಡಳಿತದಲ್ಲಿ ಸಾರಾಯಿ ನಿಷೇಧ, ಲಾಟರಿ ನಿಷೇಧ, ಗ್ರಾಮ ವಾಸ್ತವ್ಯ ಸೇರಿದಂತೆ ಹಲವು ಜನಪರ ಯೋಜನೆಗಳನ್ನು ಅನುಷ್ಠಾನ ಮಾಡಿದ್ದ ಕೀರ್ತಿ ಇವರದು, ಸದಾ ಜನಪರ ಸಮಾಜಮುಖಿ ಚಿಂತನೆಗಳನ್ನು ಇಟ್ಟುಕೊಂಡಿರುವ ವ್ಯಕ್ತಿ ನಮ್ಮ ಜಿಲ್ಲೆಯಿಂದ ಅಭೂತಪೂರ್ವ ಗೆಲುವಿನೊಂದಿಗೆ ಸಂಸದರಾಗಿ ಆಯ್ಕೆಯಾಗಿ ಜನಪದ ಕಾಳಜಿ ಇರುವ ಪ್ರಧಾನಿ ನರೇಂದ್ರ ಮೋದಿ ಅವರ ಸಚಿವ ಸಂಪುಟದಲ್ಲಿ ಕೇಂದ್ರ ಸಚಿವರಾಗಿ ಪ್ರಮಾಣವಚನ ಸ್ವೀಕರಿಸುತ್ತಿರುವುದು ನಮ್ಮ ಮಂಡ್ಯ ಜನತೆಯ ಸೌಭಾಗ್ಯ ಎಂದು ತಿಳಿಸಿದರು.

ಬಳಿಕ ಮಾತನಾಡಿದ ಜೆಡಿಎಸ್ ಕಾನೂನು ಘಟಕದ ಅಧ್ಯಕ್ಷ ಎ.ಎಸ್ ಧನಂಜಯ್ ಕುಮಾರ್ ದೇಶ ಕಂಡ ಜನಪ್ರಿಯ ಪ್ರಧಾನಮಂತ್ರಿಗಳಾದ ನರೇಂದ್ರ ಮೋದಿ ರವರ ಸಚಿವ ಸಂಪುಟದಲ್ಲಿ ರಾಜ್ಯ ರೈತರ ಹಿತ

ಕಾಪಾಡುತ್ತಾ ಸದಾ ರೈತರ ಬಗ್ಗೆ ಬದ್ಧರ ಬಗ್ಗೆ ಚಿಂತಿಸುವ ನಮ್ಮ ನೆಚ್ಚಿನ ನಾಯಕ ಹೆಚ್. ಡಿ ಕುಮಾರಸ್ವಾಮಿ ಅವರು ಈ ಸರ್ಕಾರ ಗಳಿಗಲ್ಲಿ ಭಾರತ ಸರ್ಕಾರದ ನೂತನ ಸಂಪುಟ ದರ್ಜೆಯ ಸಚಿವರಾಗಿ ಪದಗ್ರಹಣ ಮಾಡುತ್ತಿರುವುದು ನಾಡಿನ ಜನತೆಯ ಕೀರ್ತಿ ಹೆಚ್ಚಿಸಿದೆ.

ನೂತನ ಕೇಂದ್ರ ಸಚಿವ ಎಚ್ ಡಿ ಕೆ ಅವರಿಂದ ಈ ದೇಶ ಮತ್ತು ರಾಜ್ಯದ ರೈತಪಿ ವರ್ಗ ಬಹಳಷ್ಟನ್ನು ನಿರೀಕ್ಷಿಸಿದೆ ಆ ನಿರೀಕ್ಷೆಯನ್ನು ಹುಸಿಯಾಗಿಸಲು ತಾಯಿ ಚಾಮುಂಡೇಶ್ವರಿ ತಮಗೆ ಶಕ್ತಿ ನೀಡಲಿ ಎಂದು ಶುಭಕೋರಿದರು.

ಈ ಸಂದರ್ಭದಲ್ಲಿ ಸಂತೋಷಪಹಳ್ಳಿ ಹೋಬಳಿಯ ಜೆಡಿಎಸ್ ಅಧ್ಯಕ್ಷ ರವಿ ಕುಮಾರ್, ಮುಖಂಡರಾದ ಚೈನಹಳ್ಳಿ ಸಂತೋಷ್,ರವಿ ಕುಮಾರ್,ಗುತ್ತಿಗೆದಾರ ಬಾಲ್ಯದಕೆರೆ ಕೃಷ್ಣೇಗೌಡ,ರವಿ (ಗಜ),ಆನಂದ್,ಜೆಡಿಎಸ್ ಎ.ಸಿ ಘಟಕದ ನಗರ ಅಧ್ಯಕ್ಷ ಗಣೇಶ್,ರಾಮು (ಭಲೇ ರಾಮ ), ಶಾಸಕರ ಆಪ್ತ ಸಹಾಯಕ ಅರಳಕುಪ್ಪೆ ಪ್ರಕಾಶ್,ಯಡಹಳ್ಳಿ ಪ್ರಶಾಂತ್, ಜೀವನ್, ಸುನೀಲ್,ಕೊಮ್ಮನಹಳ್ಳಿ ರಾಹುಲ್, ಮಹದೇವ್ ಕೆ ಆರ್ ಪೇಟೆ, ಶಶಾಂಕ್, ಜೆಡಿಎಸ್ ಕಾರ್ಯಕರ್ತರು ಸೇರಿದಂತೆ ಉಪಸ್ಥಿತರು ಭಾಗವಹಿಸಿದ್ದರು.

Printed by : H.L.AMARANATH, Owned by: H.L.AMARANATH, Printed at : Sri Manjunatha Enterprises, No.30, Subbannachan lane, 1st Cross, Cottonpet, Bengaluru-560053
Published at : No.97, 2nd Cross, Vivekanandanagar, Khadi Commission Layout, BSK 3rd Stage, Kathariguppe Main Road, Bengaluru-560085. Mobile: 9663122276 Editor : H.L.AMARANATH
